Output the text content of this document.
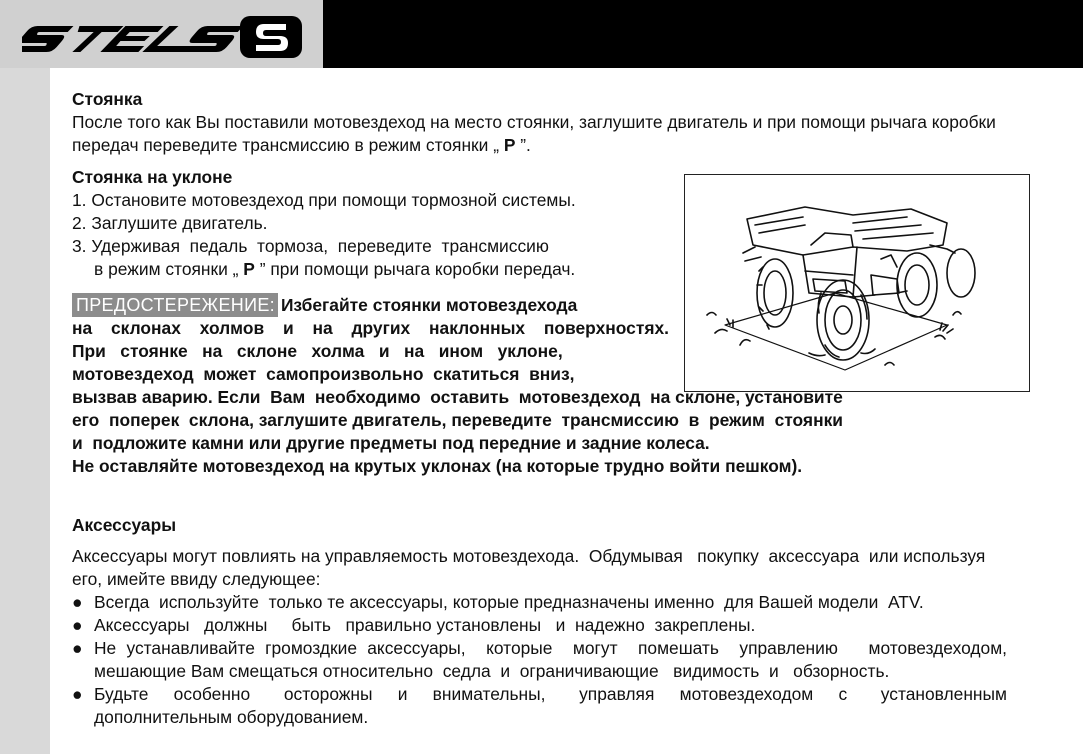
Стоянка

После того как Вы поставили мотовездеход на место стоянки, заглушите двигатель и при помощи рычага коробки передач переведите трансмиссию в режим стоянки „ P ”.

Стоянка на уклоне
1. Остановите мотовездеход при помощи тормозной системы.
2. Заглушите двигатель.
3. Удерживая  педаль  тормоза,  переведите  трансмиссию
в режим стоянки „ P ” при помощи рычага коробки передач.
ПРЕДОСТЕРЕЖЕНИЕ: Избегайте стоянки мотовездехода
на склонах холмов и на других наклонных поверхностях.
При   стоянке   на   склоне   холма   и   на   ином   уклоне,
мотовездеход  может  самопроизвольно  скатиться  вниз,
вызвав аварию. Если  Вам  необходимо  оставить  мотовездеход  на склоне, установите
его  поперек  склона, заглушите двигатель, переведите  трансмиссию  в  режим  стоянки
и  подложите камни или другие предметы под передние и задние колеса.
Не оставляйте мотовездеход на крутых уклонах (на которые трудно войти пешком).
Аксессуары

Аксессуары могут повлиять на управляемость мотовездехода.  Обдумывая   покупку  аксессуара  или используя его, имейте ввиду следующее:

● Всегда  используйте  только те аксессуары, которые предназначены именно  для Вашей модели  ATV.
● Аксессуары   должны     быть   правильно установлены   и  надежно  закреплены.
● Не устанавливайте громоздкие аксессуары,  которые  могут  помешать  управлению   мотовездеходом, мешающие Вам смещаться относительно  седла  и  ограничивающие   видимость  и   обзорность.
● Будьте   особенно    осторожны   и   внимательны,    управляя   мотовездеходом   с    установленным дополнительным оборудованием.
